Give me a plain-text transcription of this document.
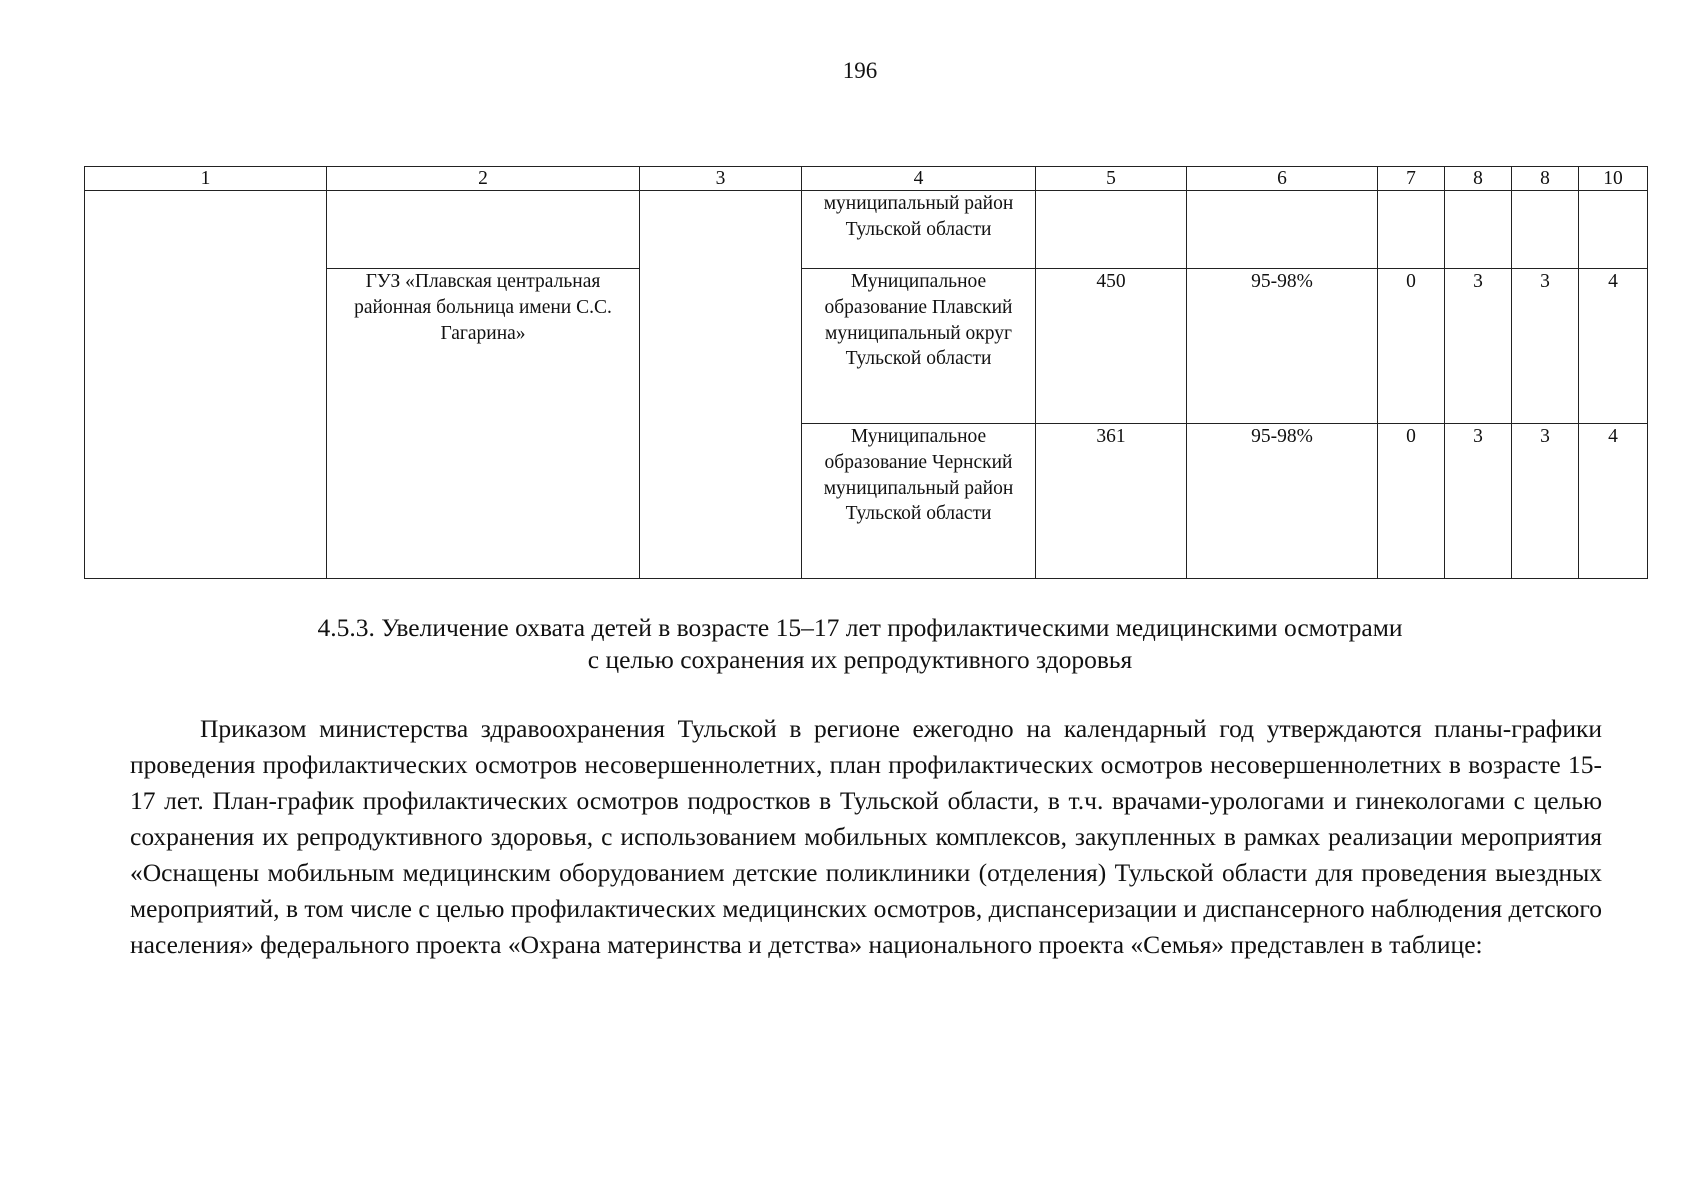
196
1	2	3	4	5	6	7	8	8	10
			муниципальный район Тульской области						
	ГУЗ «Плавская центральная районная больница имени С.С. Гагарина»		Муниципальное образование Плавский муниципальный округ Тульской области	450	95-98%	0	3	3	4
			Муниципальное образование Чернский муниципальный район Тульской области	361	95-98%	0	3	3	4
4.5.3. Увеличение охвата детей в возрасте 15–17 лет профилактическими медицинскими осмотрами
с целью сохранения их репродуктивного здоровья

Приказом министерства здравоохранения Тульской в регионе ежегодно на календарный год утверждаются планы-графики проведения профилактических осмотров несовершеннолетних, план профилактических осмотров несовершеннолетних в возрасте 15-17 лет. План-график профилактических осмотров подростков в Тульской области, в т.ч. врачами-урологами и гинекологами с целью сохранения их репродуктивного здоровья, с использованием мобильных комплексов, закупленных в рамках реализации мероприятия «Оснащены мобильным медицинским оборудованием детские поликлиники (отделения) Тульской области для проведения выездных мероприятий, в том числе с целью профилактических медицинских осмотров, диспансеризации и диспансерного наблюдения детского населения» федерального проекта «Охрана материнства и детства» национального проекта «Семья» представлен в таблице:
